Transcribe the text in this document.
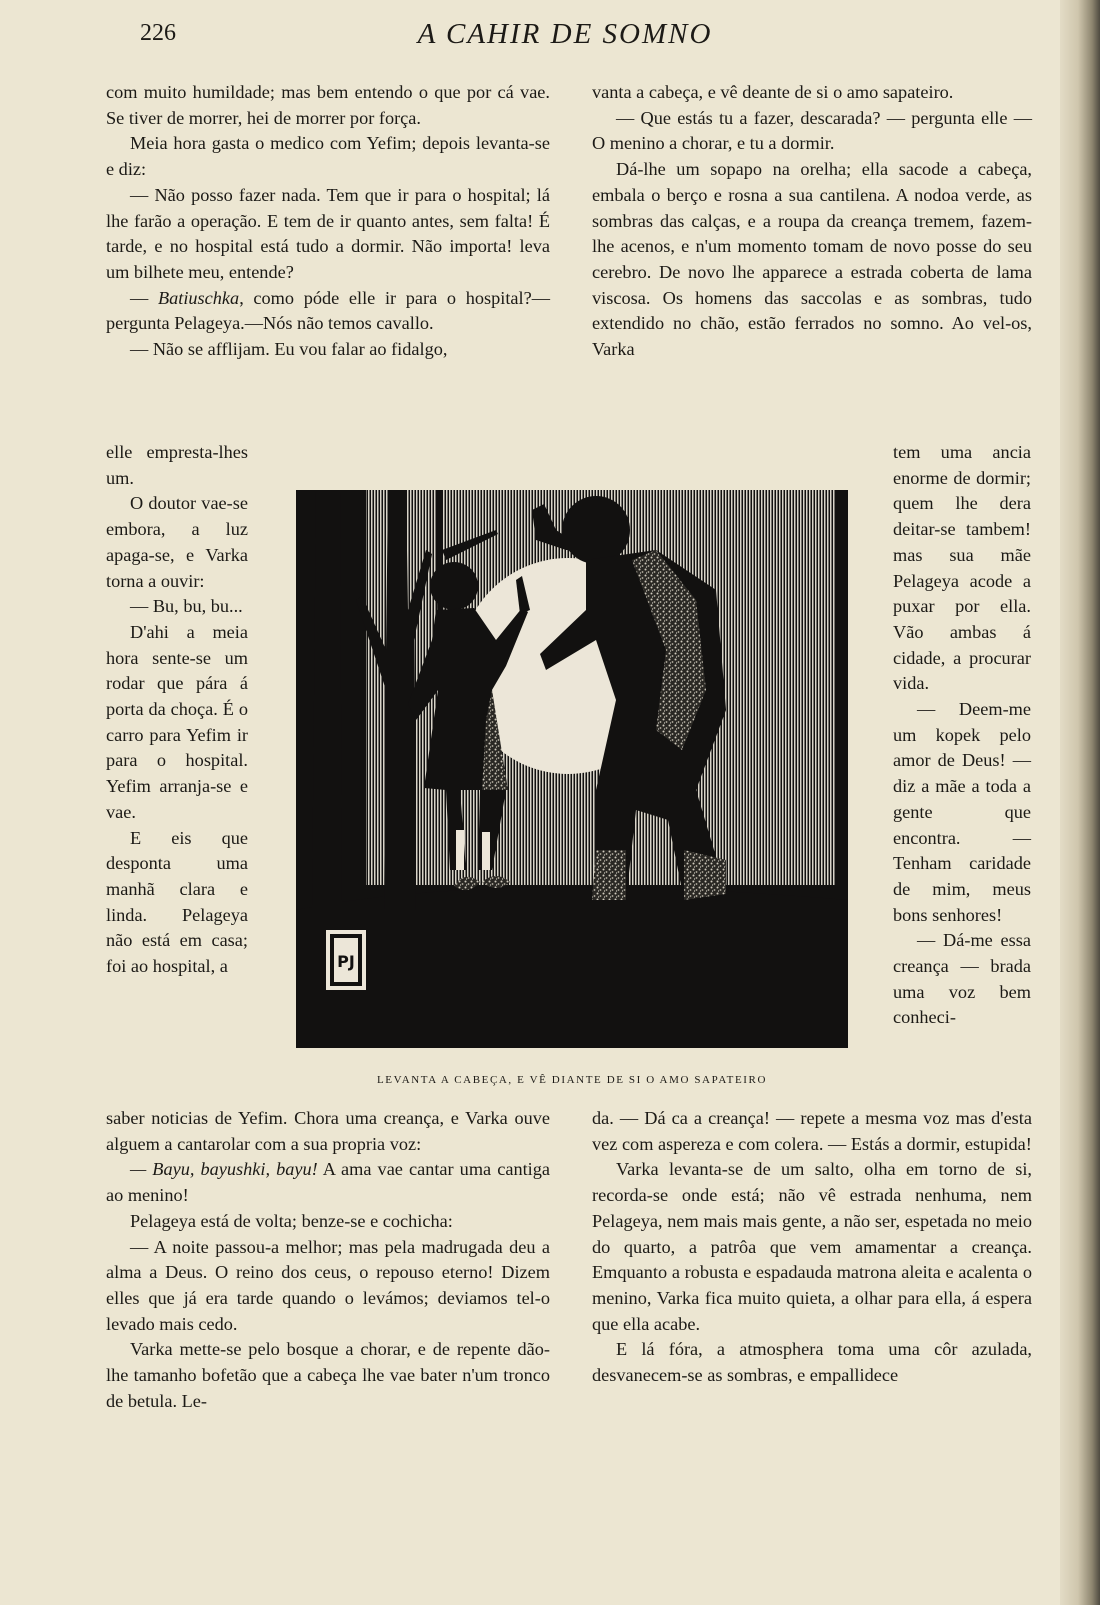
226	A CAHIR DE SOMNO

com muito humildade; mas bem entendo o que por cá vae. Se tiver de morrer, hei de morrer por força.

Meia hora gasta o medico com Yefim; depois levanta-se e diz:

— Não posso fazer nada. Tem que ir para o hospital; lá lhe farão a operação. E tem de ir quanto antes, sem falta! É tarde, e no hospital está tudo a dormir. Não importa! leva um bilhete meu, entende?

— Batiuschka, como póde elle ir para o hospital?—pergunta Pelageya.—Nós não temos cavallo.

— Não se afflijam. Eu vou falar ao fidalgo,

vanta a cabeça, e vê deante de si o amo sapateiro.

— Que estás tu a fazer, descarada? — pergunta elle — O menino a chorar, e tu a dormir.

Dá-lhe um sopapo na orelha; ella sacode a cabeça, embala o berço e rosna a sua cantilena. A nodoa verde, as sombras das calças, e a roupa da creança tremem, fazem-lhe acenos, e n'um momento tomam de novo posse do seu cerebro. De novo lhe apparece a estrada coberta de lama viscosa. Os homens das saccolas e as sombras, tudo extendido no chão, estão ferrados no somno. Ao vel-os, Varka

elle empresta-lhes um.

O doutor vae-se embora, a luz apaga-se, e Varka torna a ouvir:

— Bu, bu, bu...

D'ahi a meia hora sente-se um rodar que pára á porta da choça. É o carro para Yefim ir para o hospital. Yefim arranja-se e vae.

E eis que desponta uma manhã clara e linda. Pelageya não está em casa; foi ao hospital, a

tem uma ancia enorme de dormir; quem lhe dera deitar-se tambem! mas sua mãe Pelageya acode a puxar por ella. Vão ambas á cidade, a procurar vida.

— Deem-me um kopek pelo amor de Deus! — diz a mãe a toda a gente que encontra. — Tenham caridade de mim, meus bons senhores!

— Dá-me essa creança — brada uma voz bem conheci-

PJ
LEVANTA A CABEÇA, E VÊ DIANTE DE SI O AMO SAPATEIRO

saber noticias de Yefim. Chora uma creança, e Varka ouve alguem a cantarolar com a sua propria voz:

— Bayu, bayushki, bayu! A ama vae cantar uma cantiga ao menino!

Pelageya está de volta; benze-se e cochicha:

— A noite passou-a melhor; mas pela madrugada deu a alma a Deus. O reino dos ceus, o repouso eterno! Dizem elles que já era tarde quando o levámos; deviamos tel-o levado mais cedo.

Varka mette-se pelo bosque a chorar, e de repente dão-lhe tamanho bofetão que a cabeça lhe vae bater n'um tronco de betula. Le-

da. — Dá ca a creança! — repete a mesma voz mas d'esta vez com aspereza e com colera. — Estás a dormir, estupida!

Varka levanta-se de um salto, olha em torno de si, recorda-se onde está; não vê estrada nenhuma, nem Pelageya, nem mais mais gente, a não ser, espetada no meio do quarto, a patrôa que vem amamentar a creança. Emquanto a robusta e espadauda matrona aleita e acalenta o menino, Varka fica muito quieta, a olhar para ella, á espera que ella acabe.

E lá fóra, a atmosphera toma uma côr azulada, desvanecem-se as sombras, e empallidece
